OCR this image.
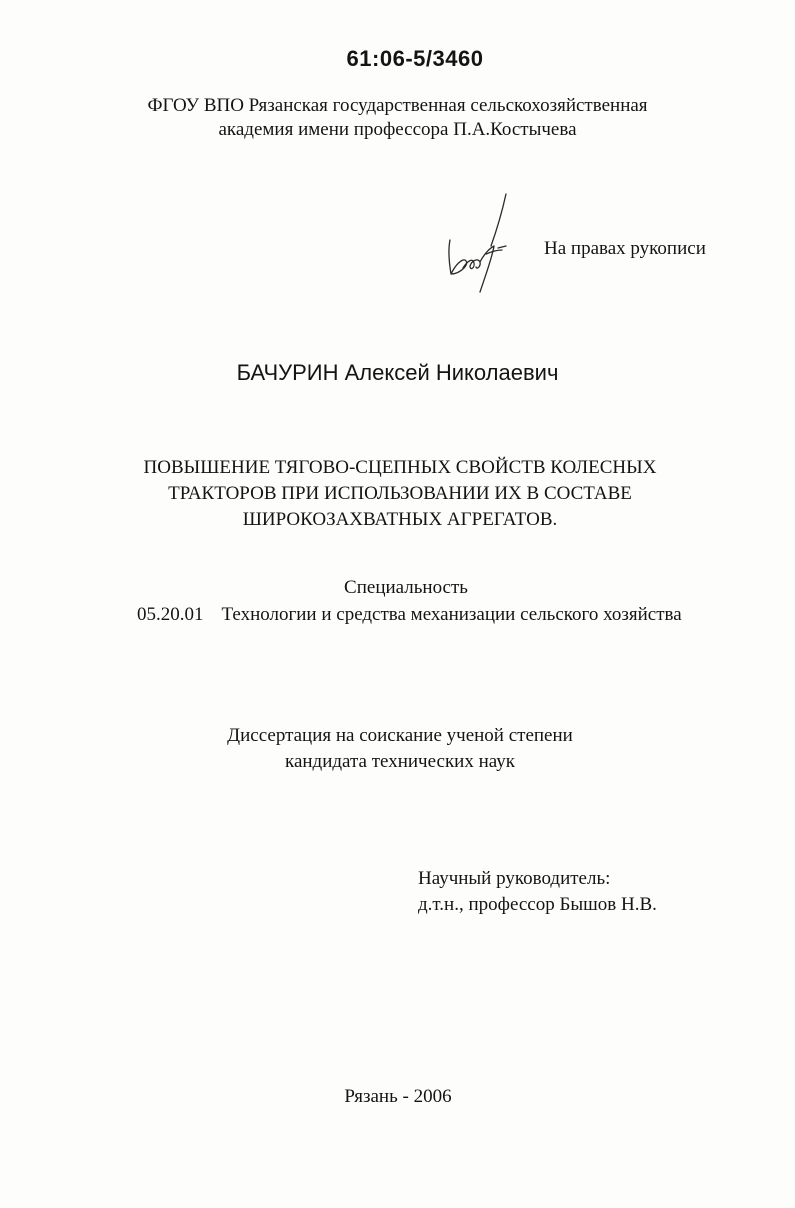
61:06-5/3460
ФГОУ ВПО Рязанская государственная сельскохозяйственная
академия имени профессора П.А.Костычева
На правах рукописи
БАЧУРИН Алексей Николаевич
ПОВЫШЕНИЕ ТЯГОВО-СЦЕПНЫХ СВОЙСТВ КОЛЕСНЫХ
ТРАКТОРОВ ПРИ ИСПОЛЬЗОВАНИИ ИХ В СОСТАВЕ
ШИРОКОЗАХВАТНЫХ АГРЕГАТОВ.
Специальность
05.20.01 Технологии и средства механизации сельского хозяйства
Диссертация на соискание ученой степени
кандидата технических наук
Научный руководитель:
д.т.н., профессор Бышов Н.В.
Рязань - 2006
